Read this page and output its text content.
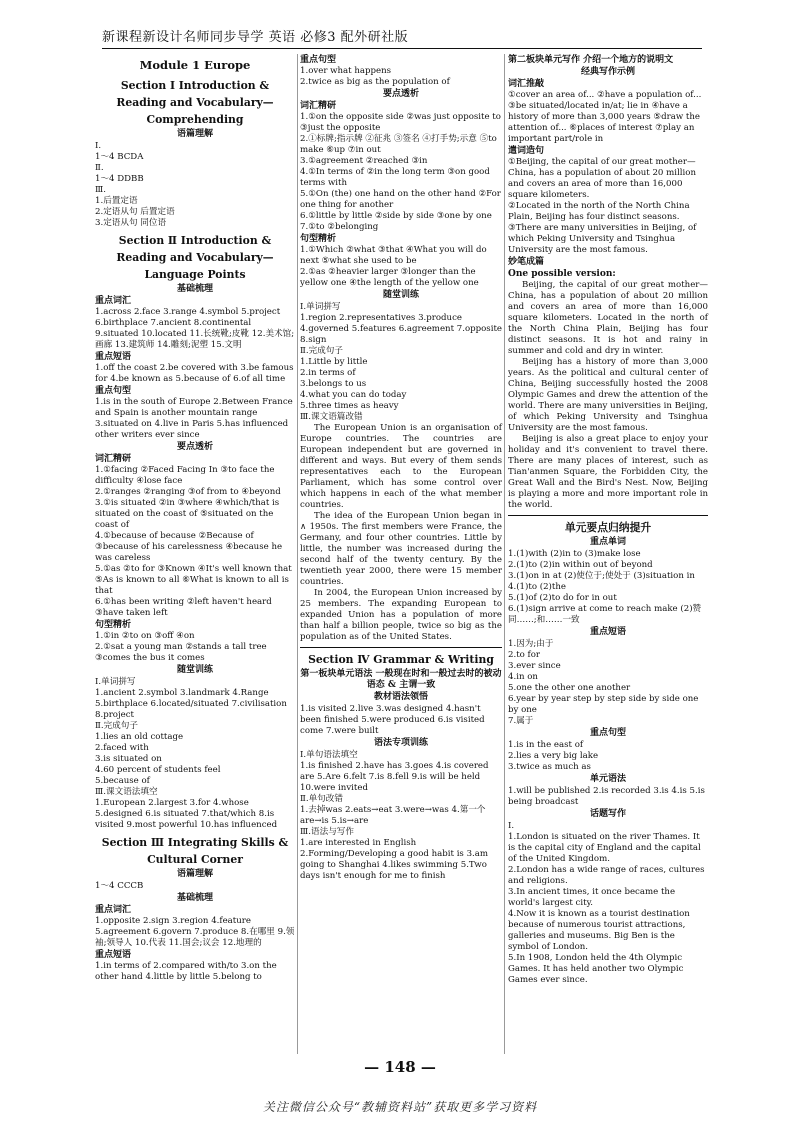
新课程新设计名师同步导学 英语 必修3 配外研社版
Module 1 Europe
Section Ⅰ Introduction & Reading and Vocabulary—Comprehending
语篇理解
Ⅰ.
1～4 BCDA
Ⅱ.
1～4 DDBB
Ⅲ.
1.后置定语
2.定语从句 后置定语
3.定语从句 同位语
Section Ⅱ Introduction & Reading and Vocabulary—Language Points
基础梳理
重点词汇
1.across 2.face 3.range 4.symbol 5.project 6.birthplace 7.ancient 8.continental 9.situated 10.located 11.长统靴;皮靴 12.美术馆;画廊 13.建筑师 14.雕刻;泥塑 15.文明
重点短语
1.off the coast 2.be covered with 3.be famous for 4.be known as 5.because of 6.of all time
重点句型
1.is in the south of Europe 2.Between France and Spain is another mountain range 3.situated on 4.live in Paris 5.has influenced other writers ever since
要点透析
词汇精研
1.①facing ②Faced Facing In ③to face the difficulty ④lose face
2.①ranges ②ranging ③of from to ④beyond
3.①is situated ②in ③where ④which/that is situated on the coast of ⑤situated on the coast of
4.①because of because ②Because of ③because of his carelessness ④because he was careless
5.①as ②to for ③Known ④It's well known that ⑤As is known to all ⑥What is known to all is that
6.①has been writing ②left haven't heard ③have taken left
句型精析
1.①in ②to on ③off ④on
2.①sat a young man ②stands a tall tree ③comes the bus it comes
随堂训练
Ⅰ.单词拼写
1.ancient 2.symbol 3.landmark 4.Range 5.birthplace 6.located/situated 7.civilisation 8.project
Ⅱ.完成句子
1.lies an old cottage
2.faced with
3.is situated on
4.60 percent of students feel
5.because of
Ⅲ.课文语法填空
1.European 2.largest 3.for 4.whose 5.designed 6.is situated 7.that/which 8.is visited 9.most powerful 10.has influenced
Section Ⅲ Integrating Skills & Cultural Corner
语篇理解
1～4 CCCB
基础梳理
重点词汇
1.opposite 2.sign 3.region 4.feature 5.agreement 6.govern 7.produce 8.在哪里 9.领袖;领导人 10.代表 11.国会;议会 12.地理的
重点短语
1.in terms of 2.compared with/to 3.on the other hand 4.little by little 5.belong to
重点句型
1.over what happens
2.twice as big as the population of
要点透析
词汇精研
1.①on the opposite side ②was just opposite to ③just the opposite
2.①标牌;指示牌 ②征兆 ③签名 ④打手势;示意 ⑤to make ⑥up ⑦in out
3.①agreement ②reached ③in
4.①In terms of ②in the long term ③on good terms with
5.①On (the) one hand on the other hand ②For one thing for another
6.①little by little ②side by side ③one by one
7.①to ②belonging
句型精析
1.①Which ②what ③that ④What you will do next ⑤what she used to be
2.①as ②heavier larger ③longer than the yellow one ④the length of the yellow one
随堂训练
Ⅰ.单词拼写
1.region 2.representatives 3.produce 4.governed 5.features 6.agreement 7.opposite 8.sign
Ⅱ.完成句子
1.Little by little
2.in terms of
3.belongs to us
4.what you can do today
5.three times as heavy
Ⅲ.课文语篇改错
The European Union is an organisation of Europe countries. The countries are European independent but are governed in different and ways. But every of them sends representatives each to the European Parliament, which has some control over which happens in each of the what member countries.
The idea of the European Union began in ∧ 1950s. The first members were France, the Germany, and four other countries. Little by little, the number was increased during the second half of the twenty century. By the twentieth year 2000, there were 15 member countries.
In 2004, the European Union increased by 25 members. The expanding European to expanded Union has a population of more than half a billion people, twice so big as the population as of the United States.
Section Ⅳ Grammar & Writing
第一板块单元语法 一般现在时和一般过去时的被动语态 & 主谓一致
教材语法领悟
1.is visited 2.live 3.was designed 4.hasn't been finished 5.were produced 6.is visited come 7.were built
语法专项训练
Ⅰ.单句语法填空
1.is finished 2.have has 3.goes 4.is covered are 5.Are 6.felt 7.is 8.fell 9.is will be held 10.were invited
Ⅱ.单句改错
1.去掉was 2.eats→eat 3.were→was 4.第一个are→is 5.is→are
Ⅲ.语法与写作
1.are interested in English 2.Forming/Developing a good habit is 3.am going to Shanghai 4.likes swimming 5.Two days isn't enough for me to finish
第二板块单元写作 介绍一个地方的说明文
经典写作示例
词汇推敲
①cover an area of... ②have a population of... ③be situated/located in/at; lie in ④have a history of more than 3,000 years ⑤draw the attention of... ⑥places of interest ⑦play an important part/role in
遣词造句
①Beijing, the capital of our great mother—China, has a population of about 20 million and covers an area of more than 16,000 square kilometers.
②Located in the north of the North China Plain, Beijing has four distinct seasons.
③There are many universities in Beijing, of which Peking University and Tsinghua University are the most famous.
妙笔成篇
One possible version:
Beijing, the capital of our great mother—China, has a population of about 20 million and covers an area of more than 16,000 square kilometers. Located in the north of the North China Plain, Beijing has four distinct seasons. It is hot and rainy in summer and cold and dry in winter.
Beijing has a history of more than 3,000 years. As the political and cultural center of China, Beijing successfully hosted the 2008 Olympic Games and drew the attention of the world. There are many universities in Beijing, of which Peking University and Tsinghua University are the most famous.
Beijing is also a great place to enjoy your holiday and it's convenient to travel there. There are many places of interest, such as Tian'anmen Square, the Forbidden City, the Great Wall and the Bird's Nest. Now, Beijing is playing a more and more important role in the world.
单元要点归纳提升
重点单词
1.(1)with (2)in to (3)make lose
2.(1)to (2)in within out of beyond
3.(1)on in at (2)使位于;使处于 (3)situation in
4.(1)to (2)the
5.(1)of (2)to do for in out
6.(1)sign arrive at come to reach make (2)赞同……;和……一致
重点短语
1.因为;由于
2.to for
3.ever since
4.in on
5.one the other one another
6.year by year step by step side by side one by one
7.属于
重点句型
1.is in the east of
2.lies a very big lake
3.twice as much as
单元语法
1.will be published 2.is recorded 3.is 4.is 5.is being broadcast
话题写作
Ⅰ.
1.London is situated on the river Thames. It is the capital city of England and the capital of the United Kingdom.
2.London has a wide range of races, cultures and religions.
3.In ancient times, it once became the world's largest city.
4.Now it is known as a tourist destination because of numerous tourist attractions, galleries and museums. Big Ben is the symbol of London.
5.In 1908, London held the 4th Olympic Games. It has held another two Olympic Games ever since.
— 148 —
关注微信公众号“教辅资料站”获取更多学习资料
